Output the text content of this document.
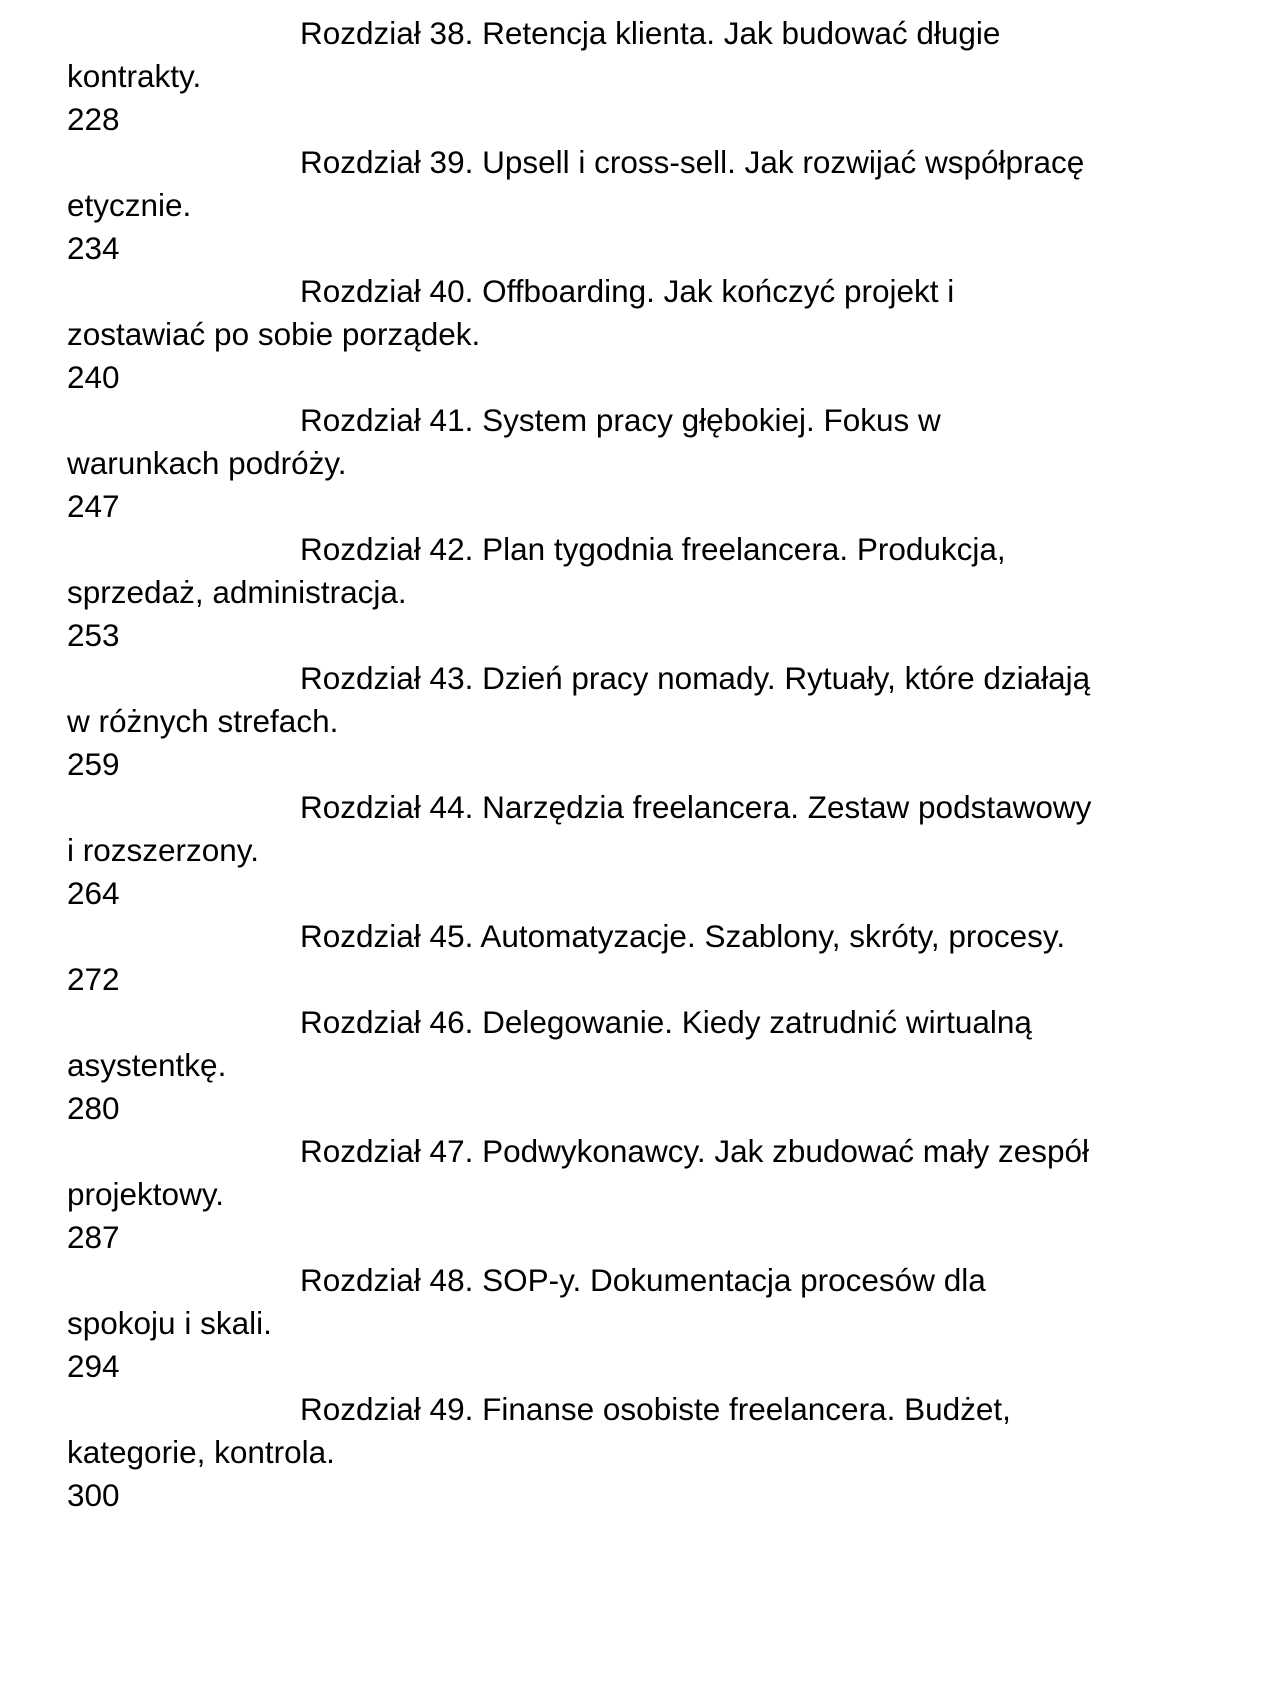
Rozdział 38. Retencja klienta. Jak budować długie
kontrakty.

228

Rozdział 39. Upsell i cross-sell. Jak rozwijać współpracę
etycznie.

234

Rozdział 40. Offboarding. Jak kończyć projekt i
zostawiać po sobie porządek.

240

Rozdział 41. System pracy głębokiej. Fokus w
warunkach podróży.

247

Rozdział 42. Plan tygodnia freelancera. Produkcja,
sprzedaż, administracja.

253

Rozdział 43. Dzień pracy nomady. Rytuały, które działają
w różnych strefach.

259

Rozdział 44. Narzędzia freelancera. Zestaw podstawowy
i rozszerzony.

264

Rozdział 45. Automatyzacje. Szablony, skróty, procesy.

272

Rozdział 46. Delegowanie. Kiedy zatrudnić wirtualną
asystentkę.

280

Rozdział 47. Podwykonawcy. Jak zbudować mały zespół
projektowy.

287

Rozdział 48. SOP-y. Dokumentacja procesów dla
spokoju i skali.

294

Rozdział 49. Finanse osobiste freelancera. Budżet,
kategorie, kontrola.

300
